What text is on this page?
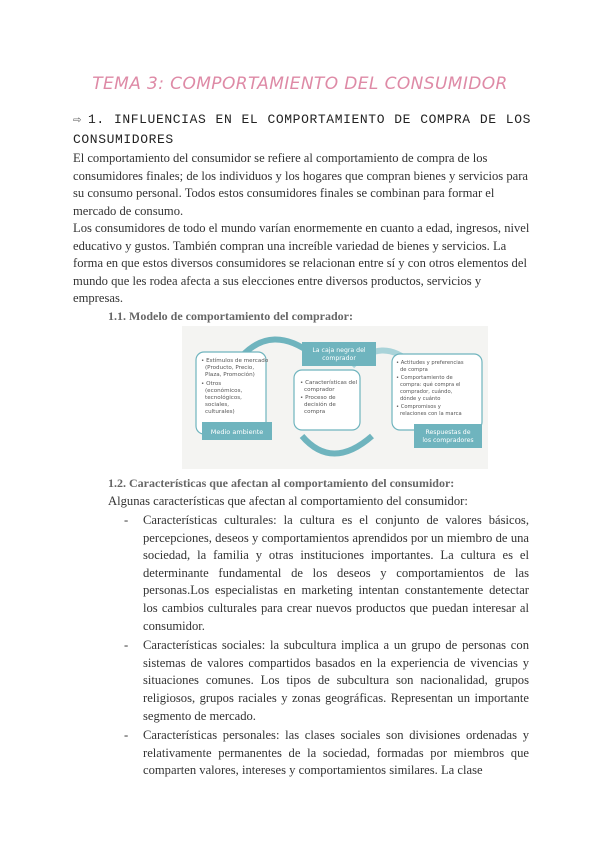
TEMA 3: COMPORTAMIENTO DEL CONSUMIDOR
⇨ 1. INFLUENCIAS EN EL COMPORTAMIENTO DE COMPRA DE LOS CONSUMIDORES
El comportamiento del consumidor se refiere al comportamiento de compra de los consumidores finales; de los individuos y los hogares que compran bienes y servicios para su consumo personal. Todos estos consumidores finales se combinan para formar el mercado de consumo.
Los consumidores de todo el mundo varían enormemente en cuanto a edad, ingresos, nivel educativo y gustos. También compran una increíble variedad de bienes y servicios. La forma en que estos diversos consumidores se relacionan entre sí y con otros elementos del mundo que les rodea afecta a sus elecciones entre diversos productos, servicios y empresas.
1.1. Modelo de comportamiento del comprador:
• Estímulos de mercado
(Producto, Precio,
Plaza, Promoción)
• Otros
(económicos,
tecnológicos,
sociales,
culturales)
Medio ambiente
La caja negra del comprador
• Características del
comprador
• Proceso de
decisión de
compra
• Actitudes y preferencias
de compra
• Comportamiento de
compra: qué compra el
comprador, cuándo,
dónde y cuánto
• Compromisos y
relaciones con la marca
Respuestas de los compradores
1.2. Características que afectan al comportamiento del consumidor:
Algunas características que afectan al comportamiento del consumidor:
- Características culturales: la cultura es el conjunto de valores básicos, percepciones, deseos y comportamientos aprendidos por un miembro de una sociedad, la familia y otras instituciones importantes. La cultura es el determinante fundamental de los deseos y comportamientos de las personas.Los especialistas en marketing intentan constantemente detectar los cambios culturales para crear nuevos productos que puedan interesar al consumidor.
- Características sociales: la subcultura implica a un grupo de personas con sistemas de valores compartidos basados en la experiencia de vivencias y situaciones comunes. Los tipos de subcultura son nacionalidad, grupos religiosos, grupos raciales y zonas geográficas. Representan un importante segmento de mercado.
- Características personales: las clases sociales son divisiones ordenadas y relativamente permanentes de la sociedad, formadas por miembros que comparten valores, intereses y comportamientos similares. La clase
